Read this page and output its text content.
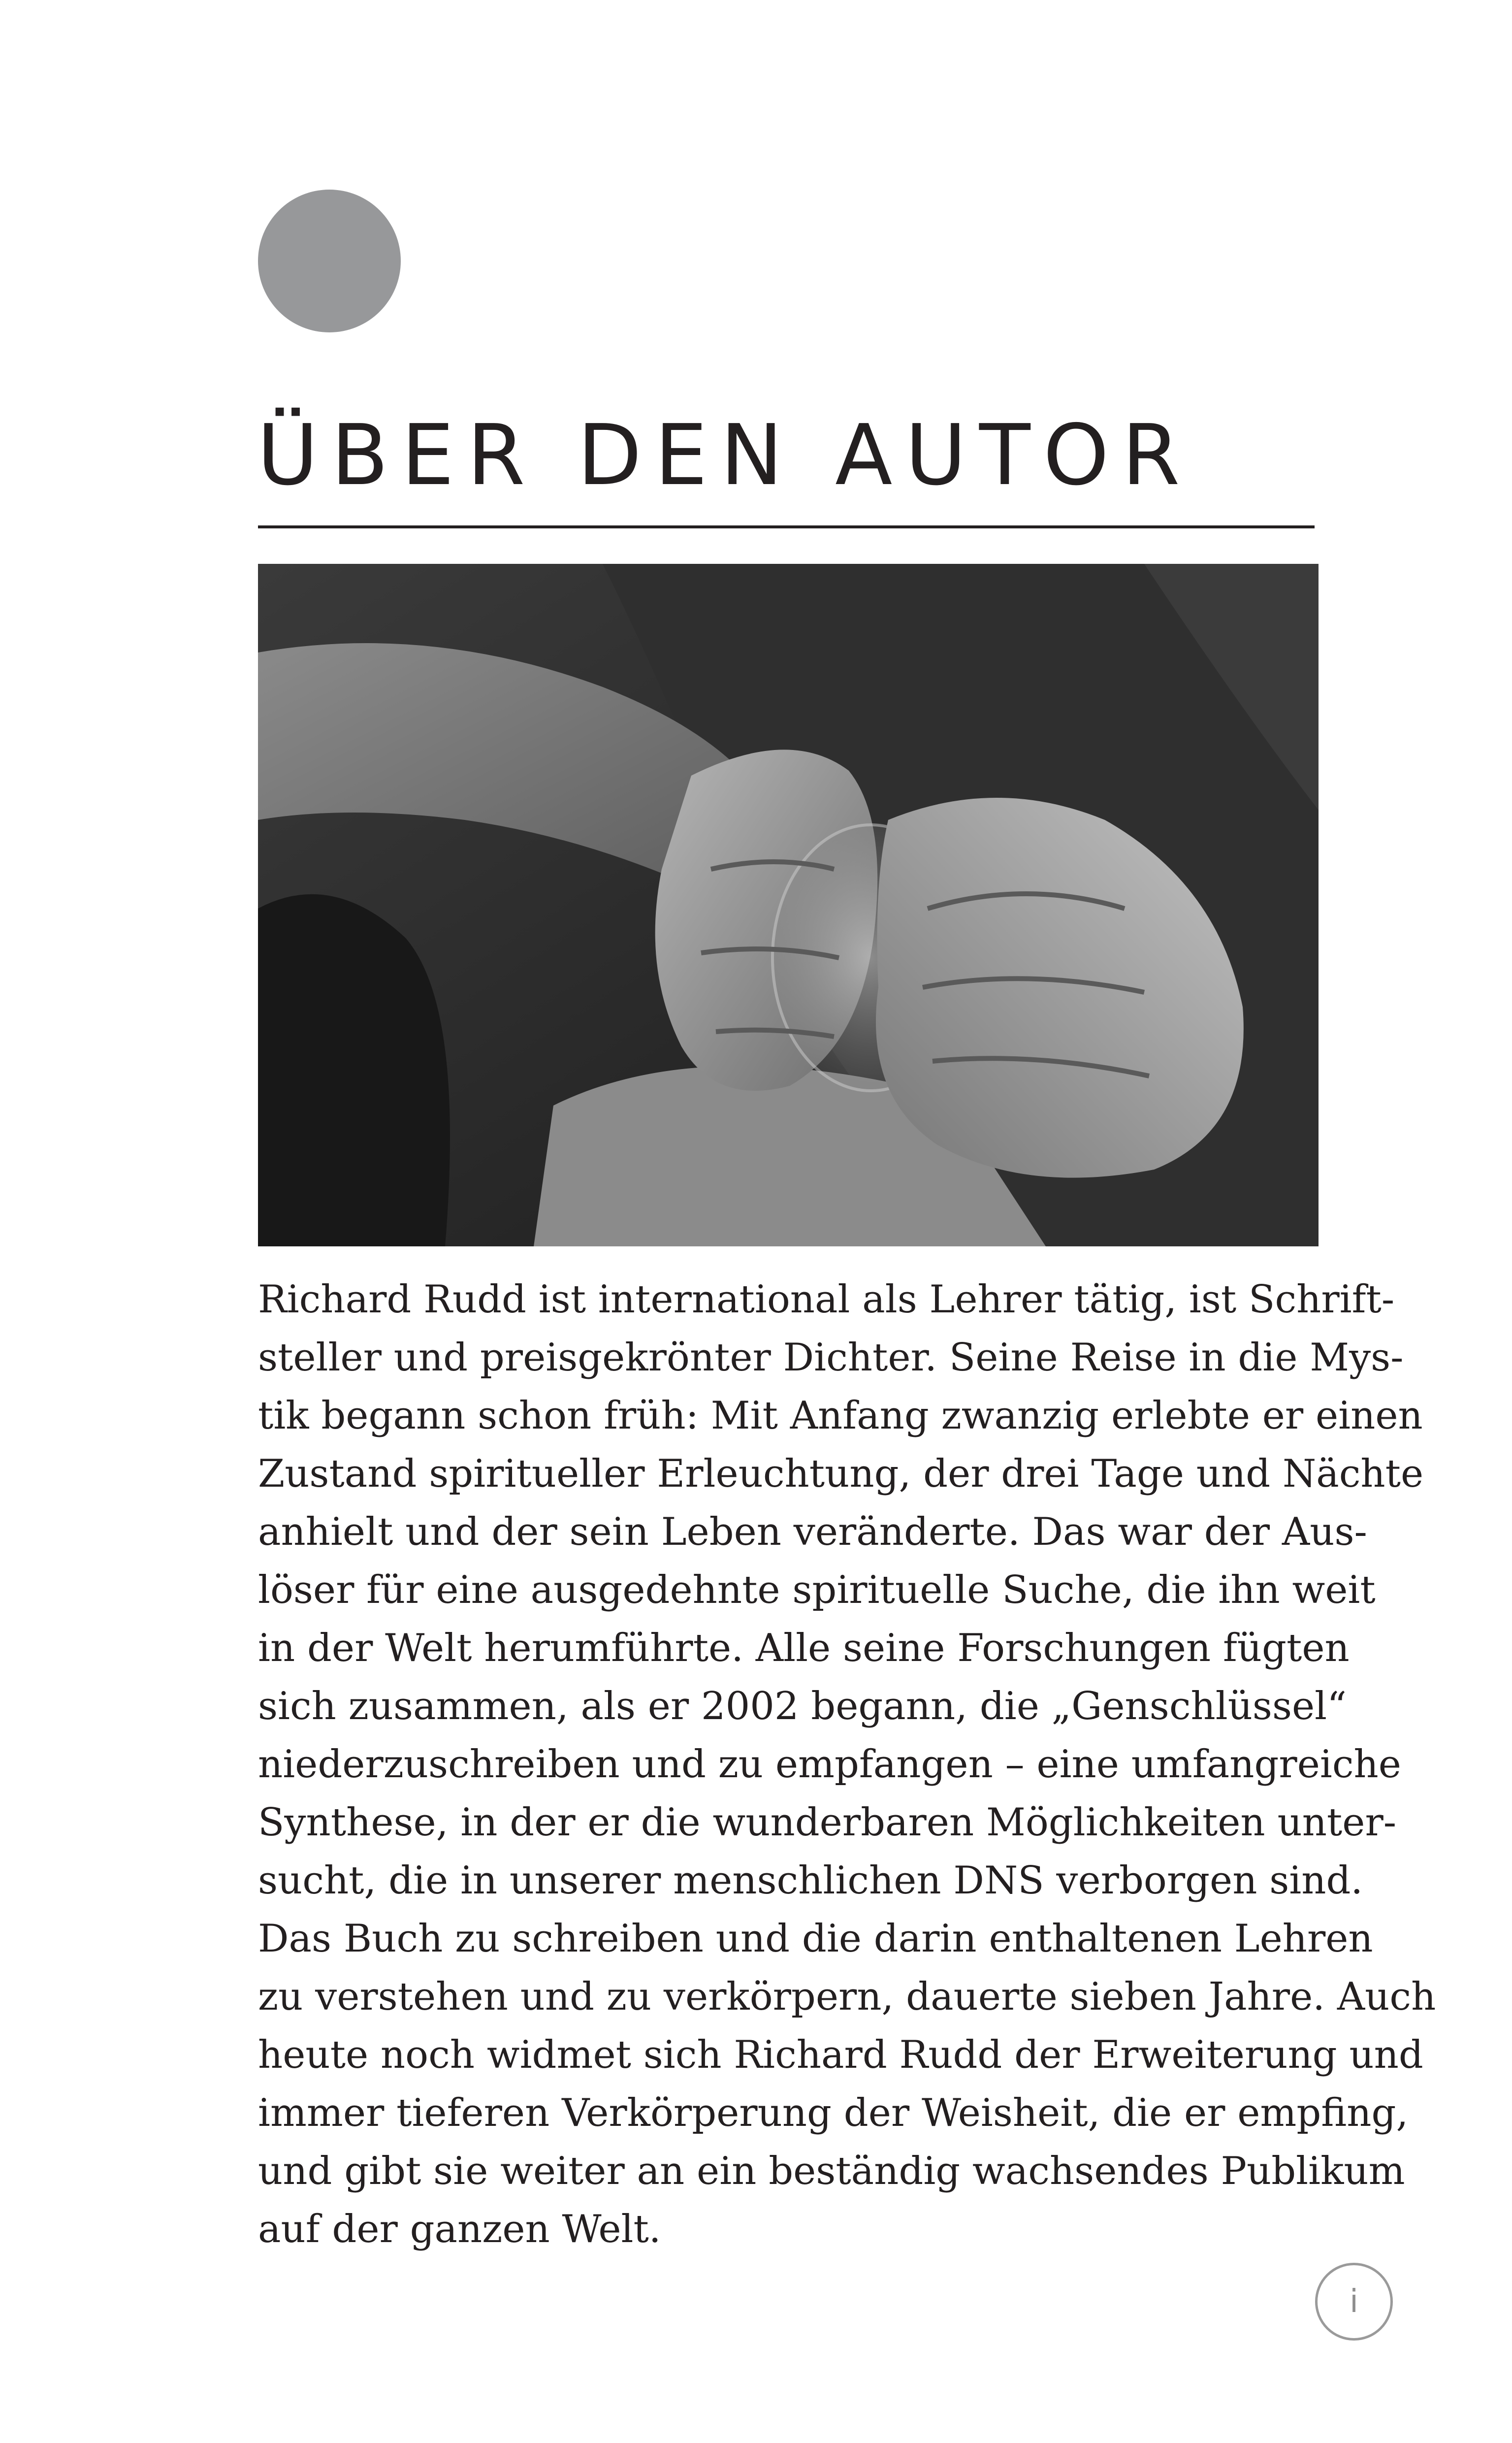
ÜBER DEN AUTOR
Richard Rudd ist international als Lehrer tätig, ist Schrift-
steller und preisgekrönter Dichter. Seine Reise in die Mys-
tik begann schon früh: Mit Anfang zwanzig erlebte er einen
Zustand spiritueller Erleuchtung, der drei Tage und Nächte
anhielt und der sein Leben veränderte. Das war der Aus-
löser für eine ausgedehnte spirituelle Suche, die ihn weit
in der Welt herumführte. Alle seine Forschungen fügten
sich zusammen, als er 2002 begann, die „Genschlüssel“
niederzuschreiben und zu empfangen – eine umfangreiche
Synthese, in der er die wunderbaren Möglichkeiten unter-
sucht, die in unserer menschlichen DNS verborgen sind.
Das Buch zu schreiben und die darin enthaltenen Lehren
zu verstehen und zu verkörpern, dauerte sieben Jahre. Auch
heute noch widmet sich Richard Rudd der Erweiterung und
immer tieferen Verkörperung der Weisheit, die er empfing,
und gibt sie weiter an ein beständig wachsendes Publikum
auf der ganzen Welt.
i
